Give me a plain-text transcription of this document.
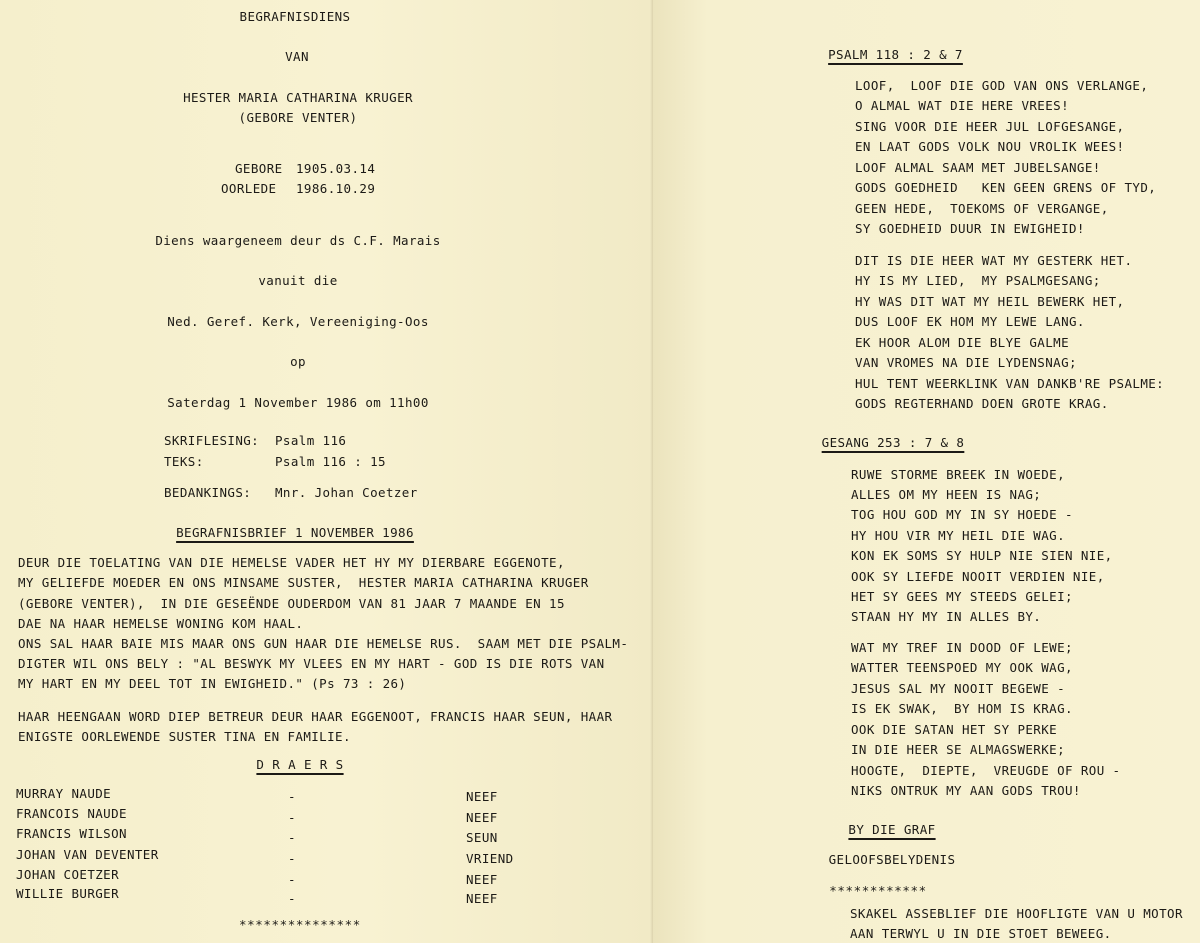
BEGRAFNISDIENS
VAN
HESTER MARIA CATHARINA KRUGER
(GEBORE VENTER)
GEBORE 1905.03.14
OORLEDE 1986.10.29
Diens waargeneem deur ds C.F. Marais
vanuit die
Ned. Geref. Kerk, Vereeniging-Oos
op
Saterdag 1 November 1986 om 11h00
SKRIFLESING: Psalm 116
TEKS:	Psalm 116 : 15
BEDANKINGS: Mnr. Johan Coetzer
BEGRAFNISBRIEF 1 NOVEMBER 1986
DEUR DIE TOELATING VAN DIE HEMELSE VADER HET HY MY DIERBARE EGGENOTE,
MY GELIEFDE MOEDER EN ONS MINSAME SUSTER,  HESTER MARIA CATHARINA KRUGER
(GEBORE VENTER),  IN DIE GESEËNDE OUDERDOM VAN 81 JAAR 7 MAANDE EN 15
DAE NA HAAR HEMELSE WONING KOM HAAL.
ONS SAL HAAR BAIE MIS MAAR ONS GUN HAAR DIE HEMELSE RUS.  SAAM MET DIE PSALM-
DIGTER WIL ONS BELY : "AL BESWYK MY VLEES EN MY HART - GOD IS DIE ROTS VAN
MY HART EN MY DEEL TOT IN EWIGHEID." (Ps 73 : 26)
HAAR HEENGAAN WORD DIEP BETREUR DEUR HAAR EGGENOOT, FRANCIS HAAR SEUN, HAAR
ENIGSTE OORLEWENDE SUSTER TINA EN FAMILIE.
D R A E R S
MURRAY NAUDE	-	NEEF
FRANCOIS NAUDE	-	NEEF
FRANCIS WILSON	-	SEUN
JOHAN VAN DEVENTER	-	VRIEND
JOHAN COETZER	-	NEEF
WILLIE BURGER	-	NEEF
***************
PSALM 118 : 2 & 7
LOOF,  LOOF DIE GOD VAN ONS VERLANGE,
O ALMAL WAT DIE HERE VREES!
SING VOOR DIE HEER JUL LOFGESANGE,
EN LAAT GODS VOLK NOU VROLIK WEES!
LOOF ALMAL SAAM MET JUBELSANGE!
GODS GOEDHEID   KEN GEEN GRENS OF TYD,
GEEN HEDE,  TOEKOMS OF VERGANGE,
SY GOEDHEID DUUR IN EWIGHEID!
DIT IS DIE HEER WAT MY GESTERK HET.
HY IS MY LIED,  MY PSALMGESANG;
HY WAS DIT WAT MY HEIL BEWERK HET,
DUS LOOF EK HOM MY LEWE LANG.
EK HOOR ALOM DIE BLYE GALME
VAN VROMES NA DIE LYDENSNAG;
HUL TENT WEERKLINK VAN DANKB'RE PSALME:
GODS REGTERHAND DOEN GROTE KRAG.
GESANG 253 : 7 & 8
RUWE STORME BREEK IN WOEDE,
ALLES OM MY HEEN IS NAG;
TOG HOU GOD MY IN SY HOEDE -
HY HOU VIR MY HEIL DIE WAG.
KON EK SOMS SY HULP NIE SIEN NIE,
OOK SY LIEFDE NOOIT VERDIEN NIE,
HET SY GEES MY STEEDS GELEI;
STAAN HY MY IN ALLES BY.
WAT MY TREF IN DOOD OF LEWE;
WATTER TEENSPOED MY OOK WAG,
JESUS SAL MY NOOIT BEGEWE -
IS EK SWAK,  BY HOM IS KRAG.
OOK DIE SATAN HET SY PERKE
IN DIE HEER SE ALMAGSWERKE;
HOOGTE,  DIEPTE,  VREUGDE OF ROU -
NIKS ONTRUK MY AAN GODS TROU!
BY DIE GRAF
GELOOFSBELYDENIS
************
SKAKEL ASSEBLIEF DIE HOOFLIGTE VAN U MOTOR
AAN TERWYL U IN DIE STOET BEWEEG.
